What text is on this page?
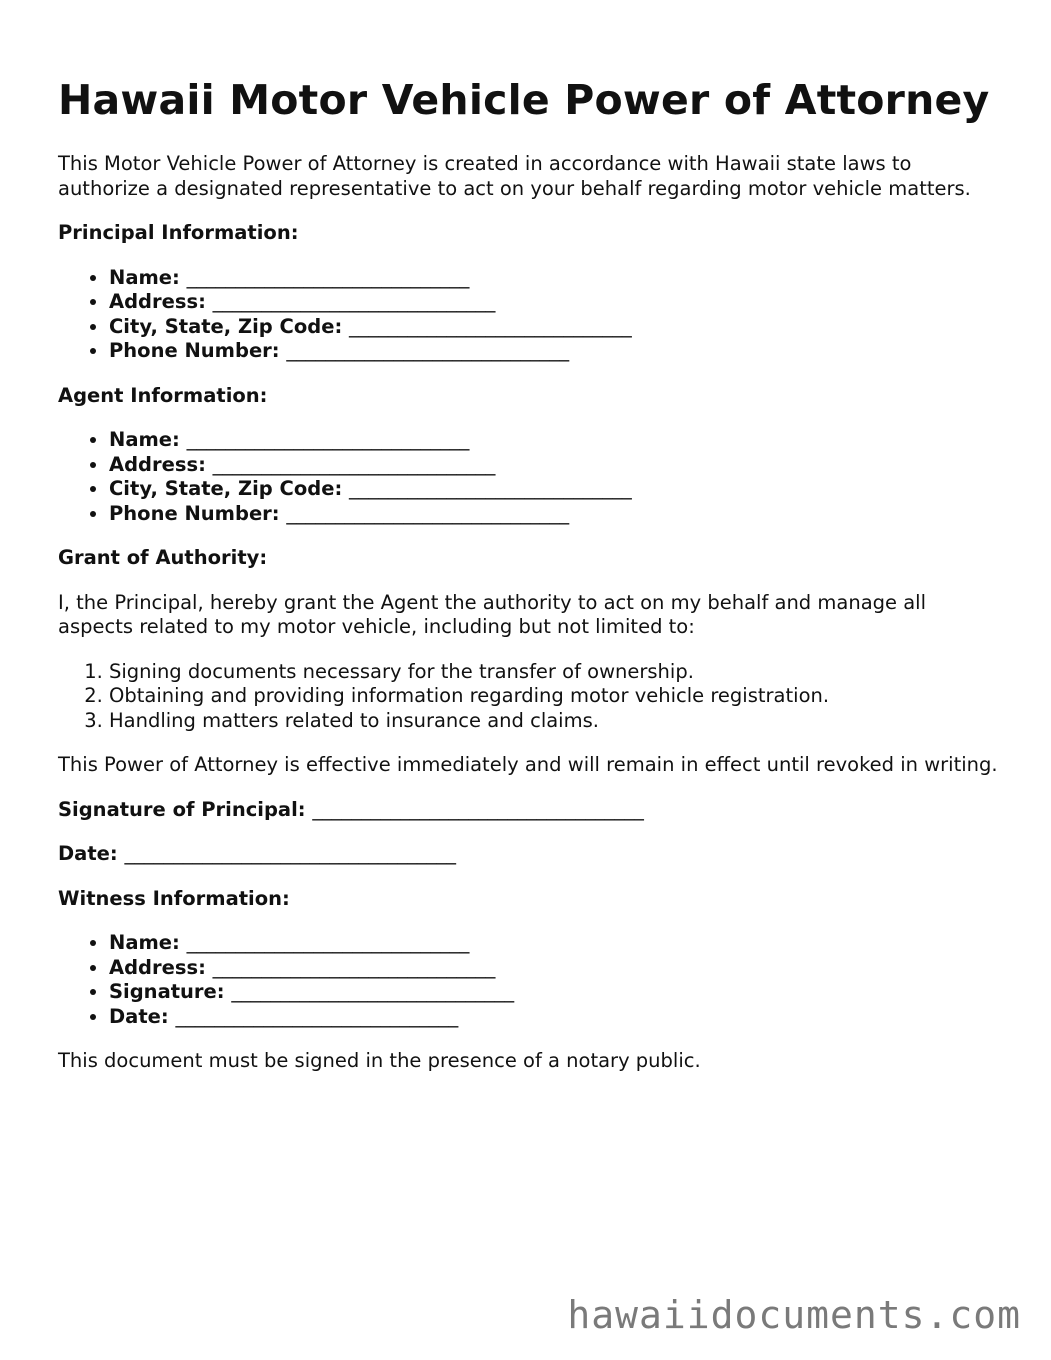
Hawaii Motor Vehicle Power of Attorney

This Motor Vehicle Power of Attorney is created in accordance with Hawaii state laws to authorize a designated representative to act on your behalf regarding motor vehicle matters.

Principal Information:
• Name: _____________________________
• Address: _____________________________
• City, State, Zip Code: _____________________________
• Phone Number: _____________________________
Agent Information:
• Name: _____________________________
• Address: _____________________________
• City, State, Zip Code: _____________________________
• Phone Number: _____________________________
Grant of Authority:

I, the Principal, hereby grant the Agent the authority to act on my behalf and manage all aspects related to my motor vehicle, including but not limited to:

1. Signing documents necessary for the transfer of ownership.
2. Obtaining and providing information regarding motor vehicle registration.
3. Handling matters related to insurance and claims.

This Power of Attorney is effective immediately and will remain in effect until revoked in writing.

Signature of Principal: __________________________________
Date: __________________________________
Witness Information:
• Name: _____________________________
• Address: _____________________________
• Signature: _____________________________
• Date: _____________________________

This document must be signed in the presence of a notary public.

hawaiidocuments.com
